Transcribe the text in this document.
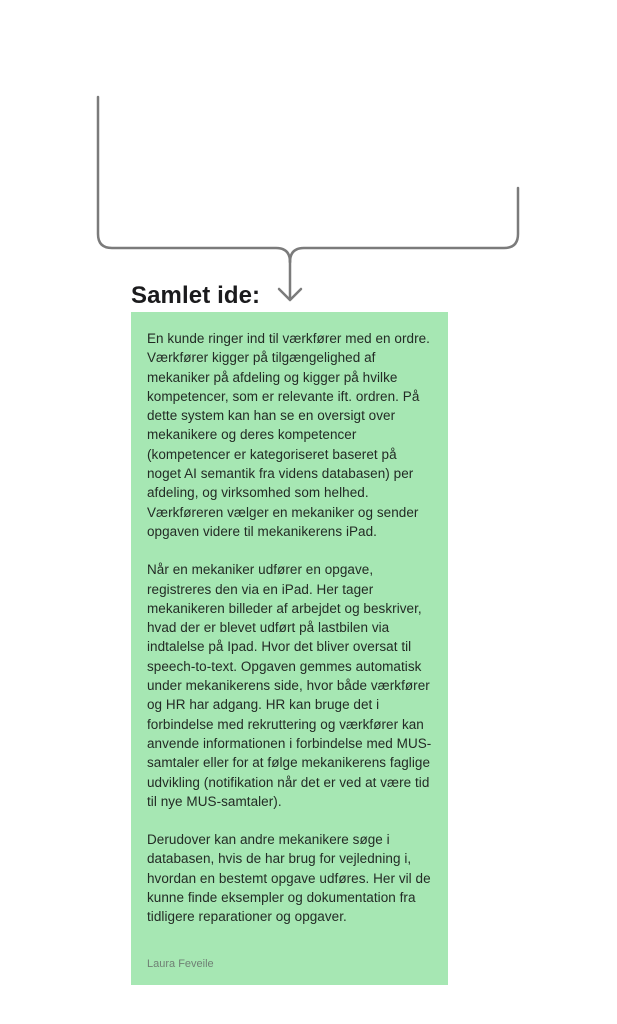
Samlet ide:

En kunde ringer ind til værkfører med en ordre. Værkfører kigger på tilgængelighed af mekaniker på afdeling og kigger på hvilke kompetencer, som er relevante ift. ordren. På dette system kan han se en oversigt over mekanikere og deres kompetencer (kompetencer er kategoriseret baseret på noget AI semantik fra videns databasen) per afdeling, og virksomhed som helhed. Værkføreren vælger en mekaniker og sender opgaven videre til mekanikerens iPad.

Når en mekaniker udfører en opgave, registreres den via en iPad. Her tager mekanikeren billeder af arbejdet og beskriver, hvad der er blevet udført på lastbilen via indtalelse på Ipad. Hvor det bliver oversat til speech-to-text. Opgaven gemmes automatisk under mekanikerens side, hvor både værkfører og HR har adgang. HR kan bruge det i forbindelse med rekruttering og værkfører kan anvende informationen i forbindelse med MUS-samtaler eller for at følge mekanikerens faglige udvikling (notifikation når det er ved at være tid til nye MUS-samtaler).

Derudover kan andre mekanikere søge i databasen, hvis de har brug for vejledning i, hvordan en bestemt opgave udføres. Her vil de kunne finde eksempler og dokumentation fra tidligere reparationer og opgaver.

Laura Feveile
